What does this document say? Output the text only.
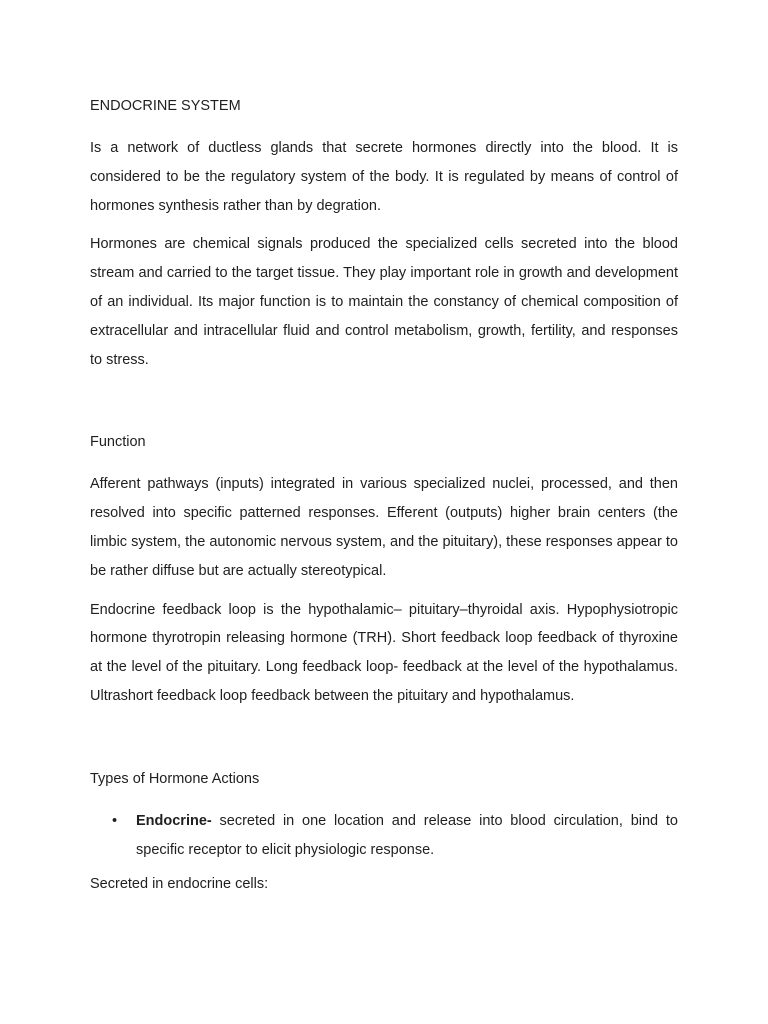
ENDOCRINE SYSTEM

Is a network of ductless glands that secrete hormones directly into the blood. It is considered to be the regulatory system of the body. It is regulated by means of control of hormones synthesis rather than by degration.

Hormones are chemical signals produced the specialized cells secreted into the blood stream and carried to the target tissue. They play important role in growth and development of an individual. Its major function is to maintain the constancy of chemical composition of extracellular and intracellular fluid and control metabolism, growth, fertility, and responses to stress.

Function

Afferent pathways (inputs) integrated in various specialized nuclei, processed, and then resolved into specific patterned responses. Efferent (outputs) higher brain centers (the limbic system, the autonomic nervous system, and the pituitary), these responses appear to be rather diffuse but are actually stereotypical.

Endocrine feedback loop is the hypothalamic– pituitary–thyroidal axis. Hypophysiotropic hormone thyrotropin releasing hormone (TRH). Short feedback loop feedback of thyroxine at the level of the pituitary. Long feedback loop- feedback at the level of the hypothalamus. Ultrashort feedback loop feedback between the pituitary and hypothalamus.

Types of Hormone Actions
• Endocrine- secreted in one location and release into blood circulation, bind to specific receptor to elicit physiologic response.
Secreted in endocrine cells:
